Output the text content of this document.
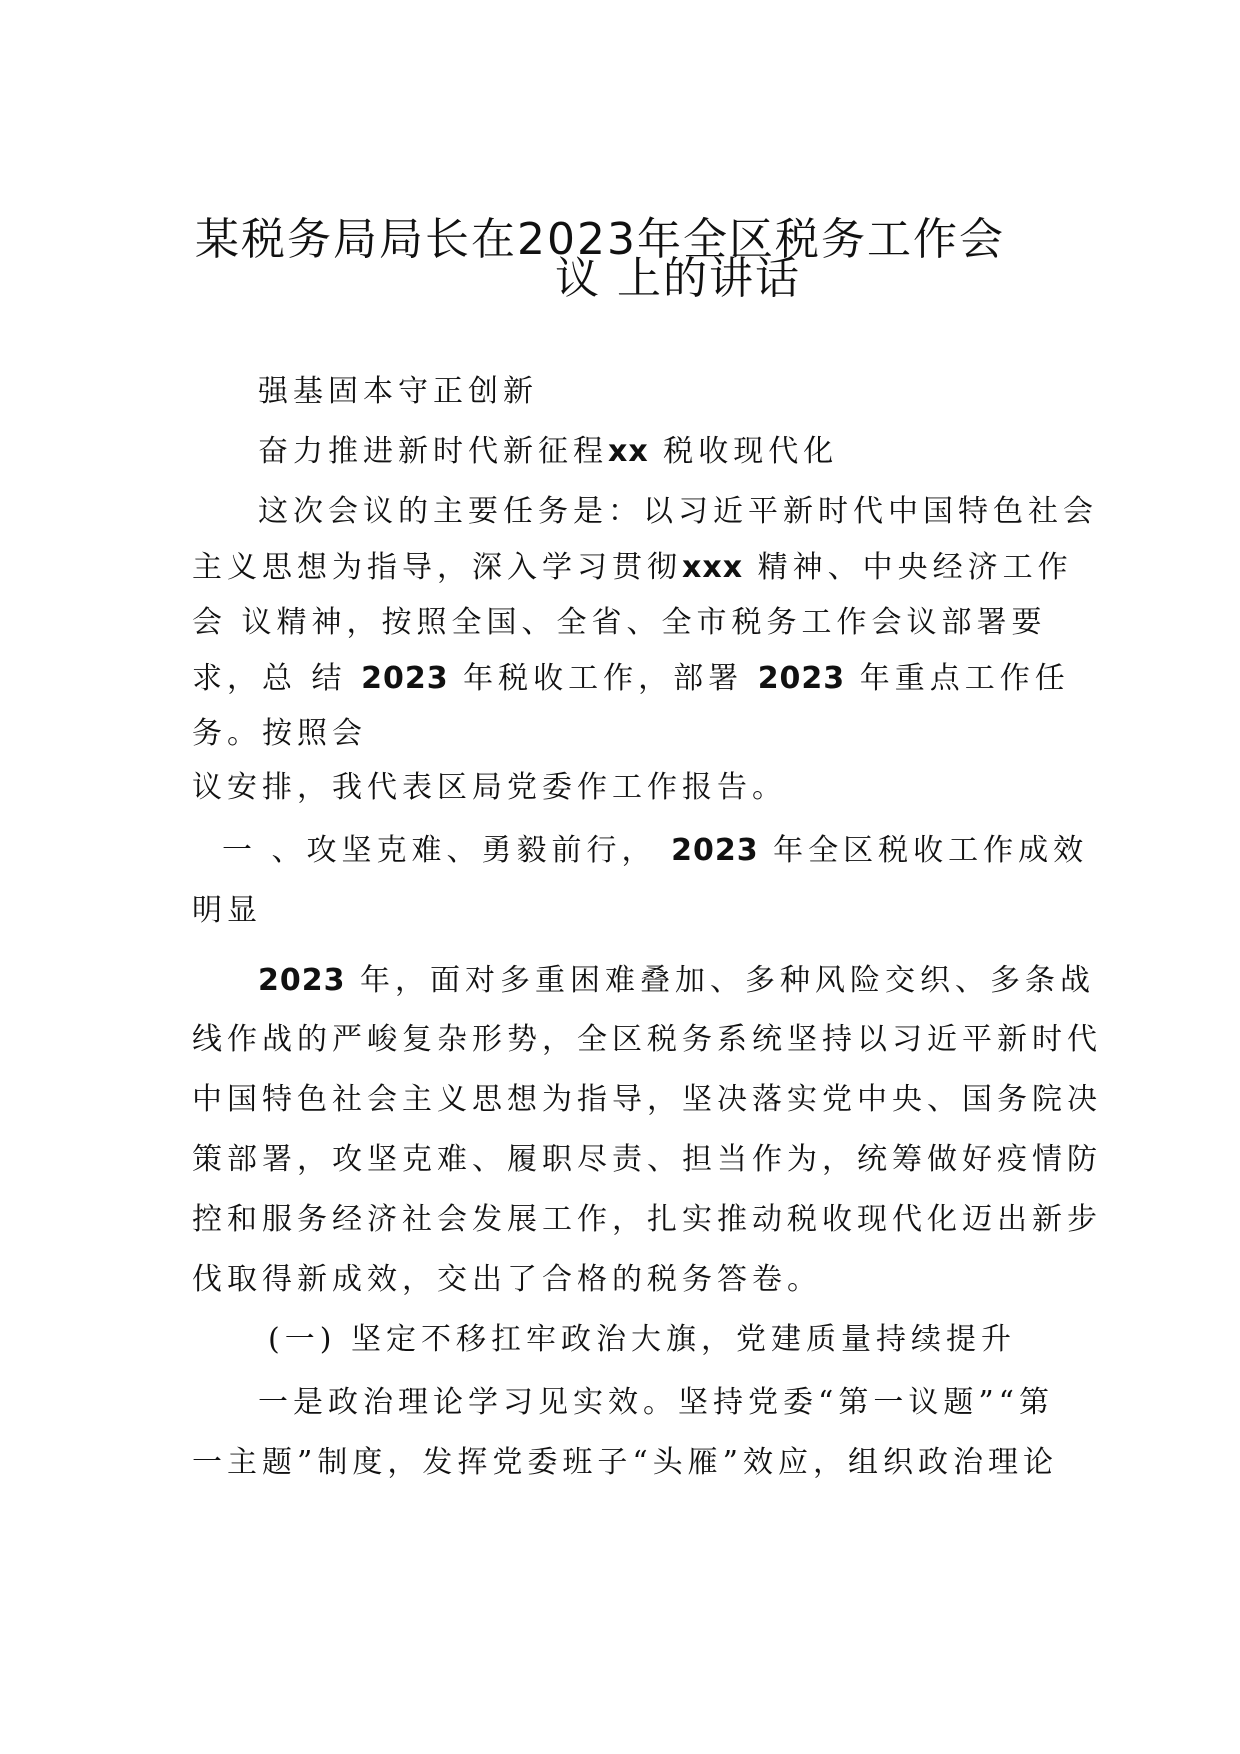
某税务局局长在2023年全区税务工作会
议 上的讲话
强基固本守正创新
奋力推进新时代新征程xx 税收现代化
这次会议的主要任务是：以习近平新时代中国特色社会
主义思想为指导，深入学习贯彻xxx 精神、中央经济工作
会 议精神，按照全国、全省、全市税务工作会议部署要
求，总 结 2023 年税收工作，部署 2023 年重点工作任
务。按照会
议安排，我代表区局党委作工作报告。
一 、攻坚克难、勇毅前行， 2023 年全区税收工作成效
明显
2023 年，面对多重困难叠加、多种风险交织、多条战
线作战的严峻复杂形势，全区税务系统坚持以习近平新时代
中国特色社会主义思想为指导，坚决落实党中央、国务院决
策部署，攻坚克难、履职尽责、担当作为，统筹做好疫情防
控和服务经济社会发展工作，扎实推动税收现代化迈出新步
伐取得新成效，交出了合格的税务答卷。
(一) 坚定不移扛牢政治大旗，党建质量持续提升
一是政治理论学习见实效。坚持党委“第一议题”“第
一主题”制度，发挥党委班子“头雁”效应，组织政治理论
